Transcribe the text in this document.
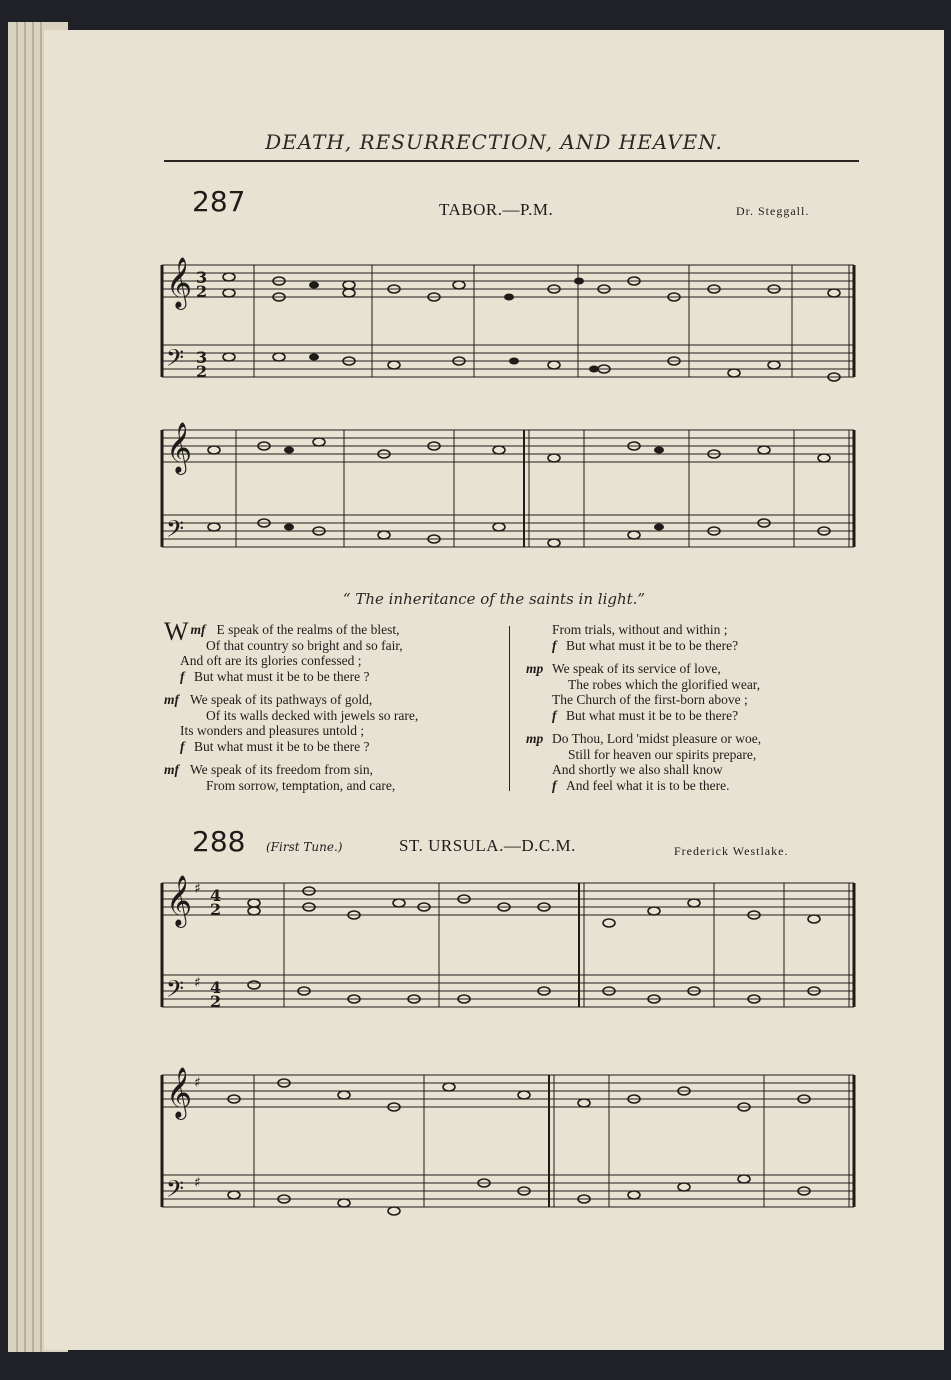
DEATH, RESURRECTION, AND HEAVEN.
287	TABOR.—P.M.	Dr. Steggall.
𝄞
𝄢
𝄞
𝄢
3
2
3
2
“ The inheritance of the saints in light.”
mf
W E speak of the realms of the blest,
Of that country so bright and so fair,
And oft are its glories confessed ;
f But what must it be to be there ?
mf We speak of its pathways of gold,
Of its walls decked with jewels so rare,
Its wonders and pleasures untold ;
f But what must it be to be there ?
mf We speak of its freedom from sin,
From sorrow, temptation, and care,
From trials, without and within ;
f But what must it be to be there?
mp We speak of its service of love,
The robes which the glorified wear,
The Church of the first-born above ;
f But what must it be to be there?
mp Do Thou, Lord 'midst pleasure or woe,
Still for heaven our spirits prepare,
And shortly we also shall know
f And feel what it is to be there.
288 (First Tune.)	ST. URSULA.—D.C.M.	Frederick Westlake.
𝄞
𝄢
𝄞
𝄢
♯
♯
♯
♯
4
2
4
2
